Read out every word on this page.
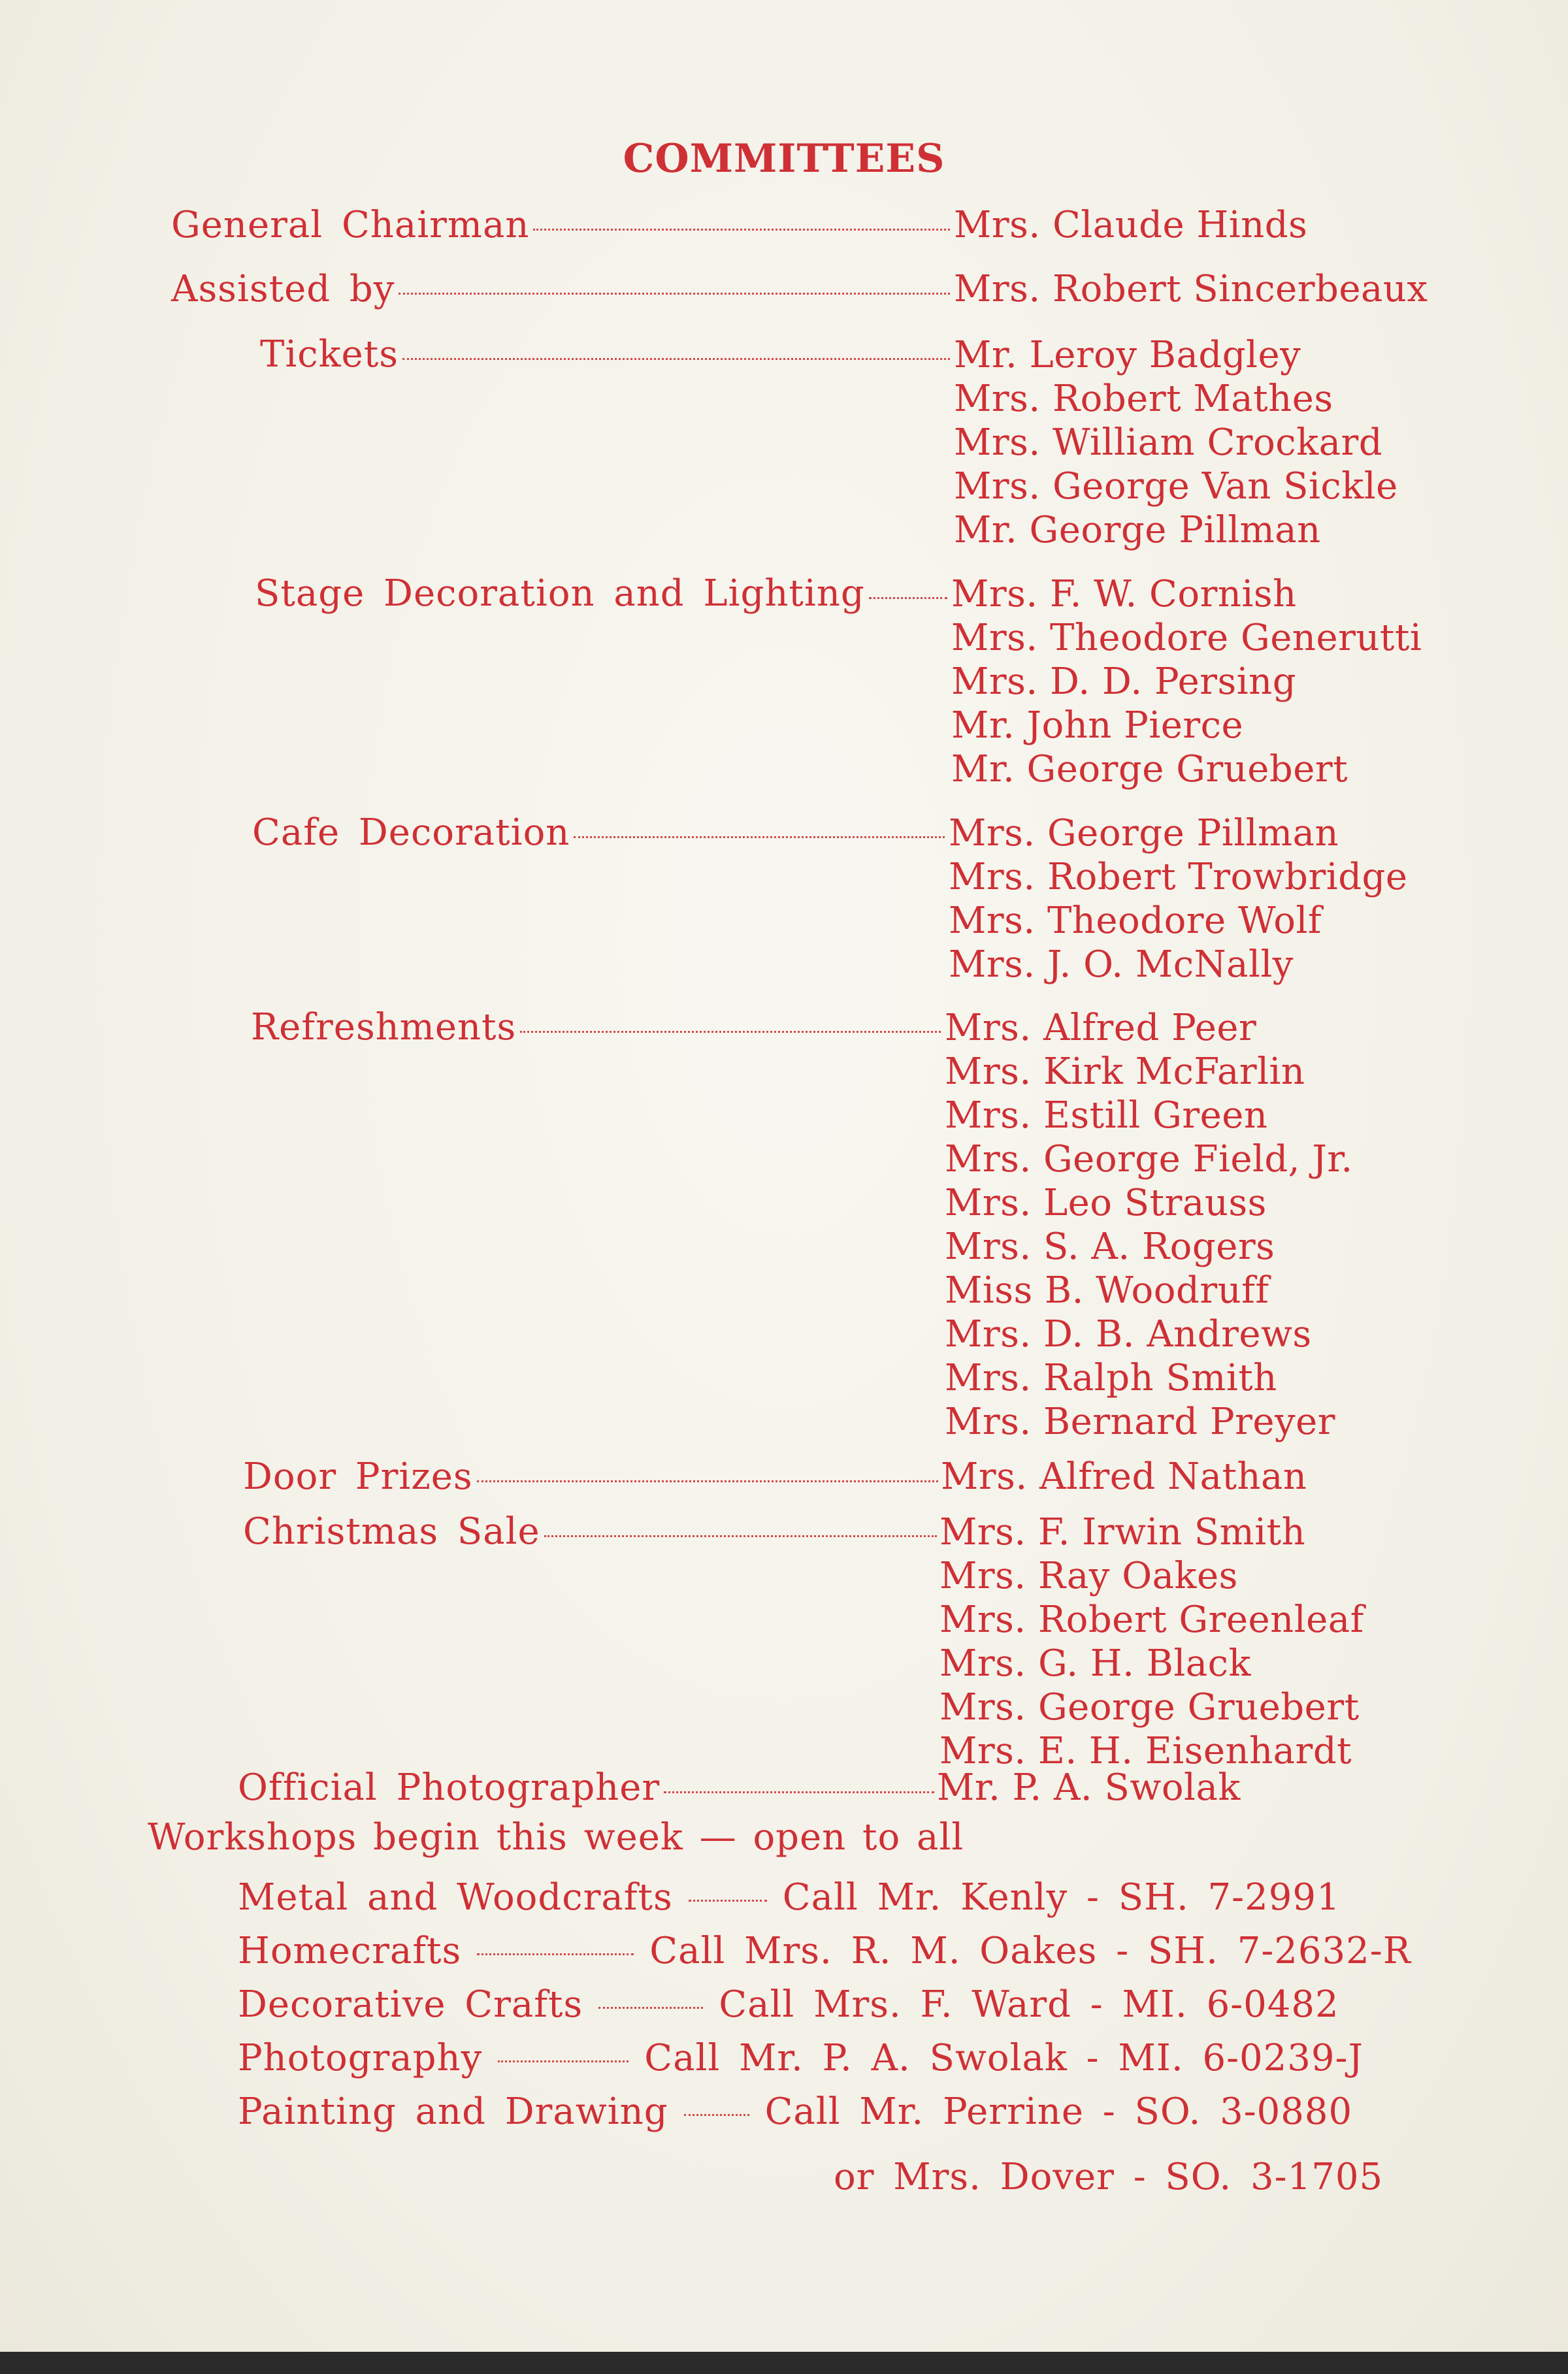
COMMITTEES
General Chairman	Mrs. Claude Hinds
Assisted by	Mrs. Robert Sincerbeaux
Tickets	Mr. Leroy Badgley
Mrs. Robert Mathes
Mrs. William Crockard
Mrs. George Van Sickle
Mr. George Pillman
Stage Decoration and Lighting Mrs. F. W. Cornish
Mrs. Theodore Generutti
Mrs. D. D. Persing
Mr. John Pierce
Mr. George Gruebert
Cafe Decoration	Mrs. George Pillman
Mrs. Robert Trowbridge
Mrs. Theodore Wolf
Mrs. J. O. McNally
Refreshments	Mrs. Alfred Peer
Mrs. Kirk McFarlin
Mrs. Estill Green
Mrs. George Field, Jr.
Mrs. Leo Strauss
Mrs. S. A. Rogers
Miss B. Woodruff
Mrs. D. B. Andrews
Mrs. Ralph Smith
Mrs. Bernard Preyer
Door Prizes	Mrs. Alfred Nathan
Christmas Sale	Mrs. F. Irwin Smith
Mrs. Ray Oakes
Mrs. Robert Greenleaf
Mrs. G. H. Black
Mrs. George Gruebert
Mrs. E. H. Eisenhardt
Official Photographer	Mr. P. A. Swolak
Workshops begin this week — open to all
Metal and Woodcrafts	Call Mr. Kenly - SH. 7-2991
Homecrafts	Call Mrs. R. M. Oakes - SH. 7-2632-R
Decorative Crafts	Call Mrs. F. Ward - MI. 6-0482
Photography	Call Mr. P. A. Swolak - MI. 6-0239-J
Painting and Drawing	Call Mr. Perrine - SO. 3-0880
or Mrs. Dover - SO. 3-1705
